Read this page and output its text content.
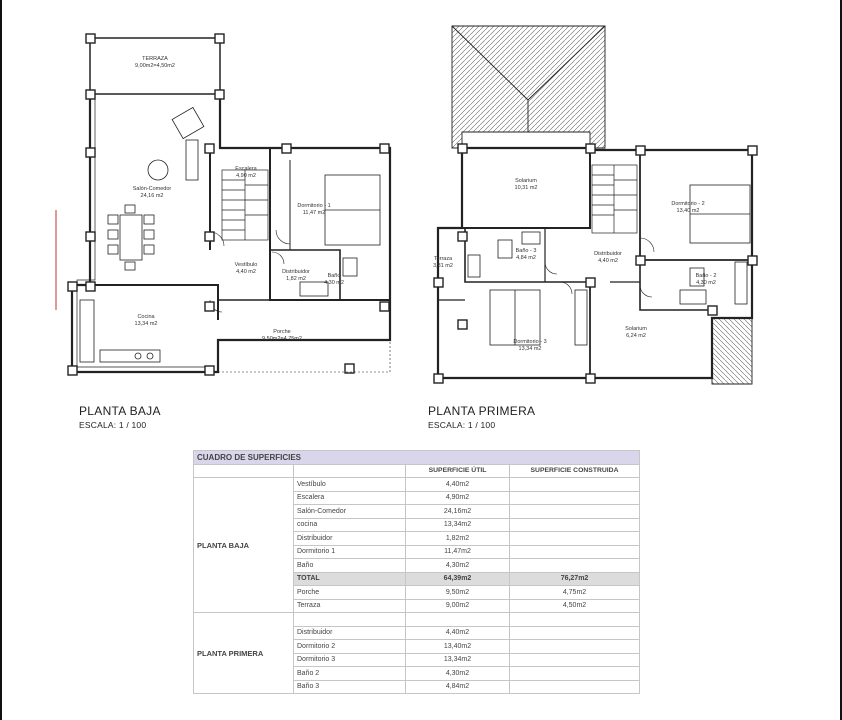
TERRAZA
9,00m2=4,50m2
Salón-Comedor
24,16 m2
Escalera
4,90 m2
Dormitorio - 1
11,47 m2
Vestíbulo
4,40 m2	Distribuidor
1,82 m2	Baño
4,30 m2
Cocina
13,34 m2
Porche
9,50m2=4,75m2
Solarium
10,31 m2
Dormitorio - 2
13,40 m2
Terraza
3,81 m2
Baño - 3
4,84 m2
Distribuidor
4,40 m2
Baño - 2
4,30 m2
Dormitorio - 3
13,34 m2
Solarium
6,24 m2
PLANTA BAJA
ESCALA: 1 / 100
PLANTA PRIMERA
ESCALA: 1 / 100
CUADRO DE SUPERFICIES			
		SUPERFICIE ÚTIL	SUPERFICIE CONSTRUIDA
PLANTA BAJA	Vestíbulo	4,40m2	
	Escalera	4,90m2	
	Salón-Comedor	24,16m2	
	cocina	13,34m2	
	Distribuidor	1,82m2	
	Dormitorio 1	11,47m2	
	Baño	4,30m2	
	TOTAL	64,39m2	76,27m2
	Porche	9,50m2	4,75m2
	Terraza	9,00m2	4,50m2
PLANTA PRIMERA			
	Distribuidor	4,40m2	
	Dormitorio 2	13,40m2	
	Dormitorio 3	13,34m2	
	Baño 2	4,30m2	
	Baño 3	4,84m2	
